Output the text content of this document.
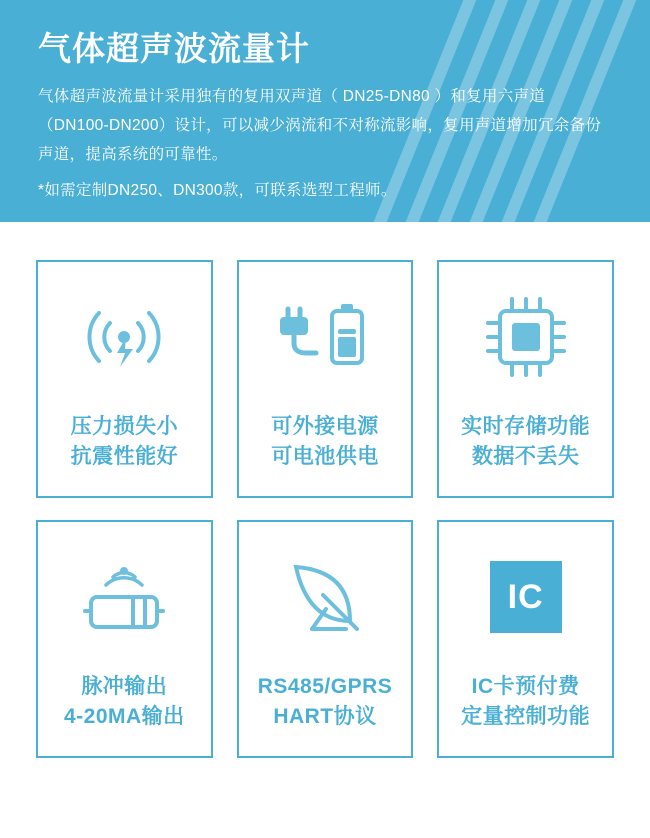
气体超声波流量计

气体超声波流量计采用独有的复用双声道（ DN25-DN80 ）和复用六声道（DN100-DN200）设计，可以减少涡流和不对称流影响，复用声道增加冗余备份声道，提高系统的可靠性。

*如需定制DN250、DN300款，可联系选型工程师。

压力损失小
抗震性能好
可外接电源
可电池供电
实时存储功能
数据不丢失
脉冲输出
4-20MA输出
RS485/GPRS
HART协议
IC
IC卡预付费
定量控制功能
